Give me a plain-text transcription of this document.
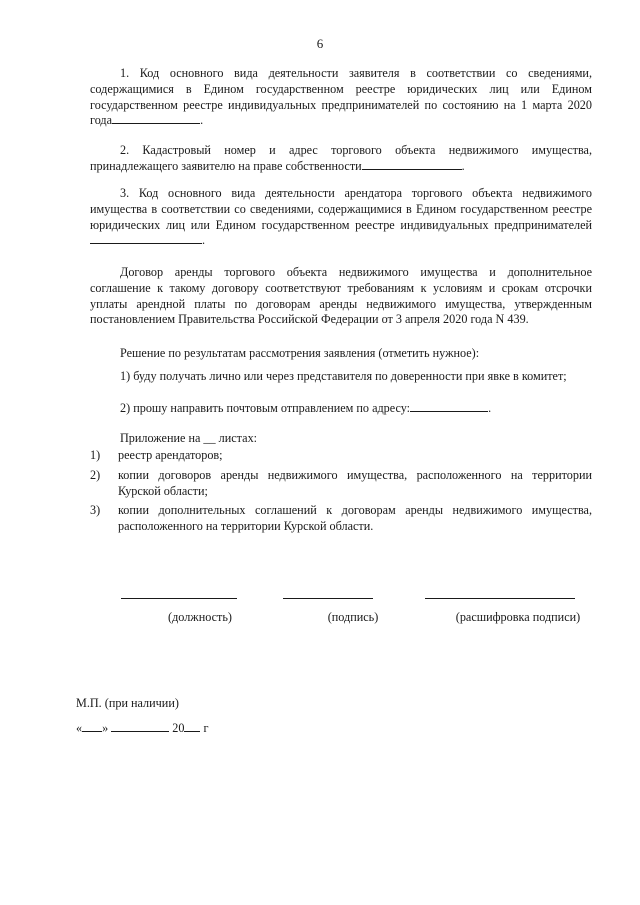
6

1. Код основного вида деятельности заявителя в соответствии со сведениями, содержащимися в Едином государственном реестре юридических лиц или Едином государственном реестре индивидуальных предпринимателей по состоянию на 1 марта 2020 года	.

2. Кадастровый номер и адрес торгового объекта недвижимого имущества, принадлежащего заявителю на праве собственности	.

3. Код основного вида деятельности арендатора торгового объекта недвижимого имущества в соответствии со сведениями, содержащимися в Едином государственном реестре юридических лиц или Едином государственном реестре индивидуальных предпринимателей.

Договор аренды торгового объекта недвижимого имущества и дополнительное соглашение к такому договору соответствуют требованиям к условиям и срокам отсрочки уплаты арендной платы по договорам аренды недвижимого имущества, утвержденным постановлением Правительства Российской Федерации от 3 апреля 2020 года N 439.

Решение по результатам рассмотрения заявления (отметить нужное):

1) буду получать лично или через представителя по доверенности при явке в комитет;

2) прошу направить почтовым отправлением по адресу:	.

Приложение на __ листах:

1) реестр арендаторов;
2) копии договоров аренды недвижимого имущества, расположенного на территории Курской области;
3) копии дополнительных соглашений к договорам аренды недвижимого имущества, расположенного на территории Курской области.
(должность)	(подпись)	(расшифровка подписи)

М.П. (при наличии)

« »	20 г
